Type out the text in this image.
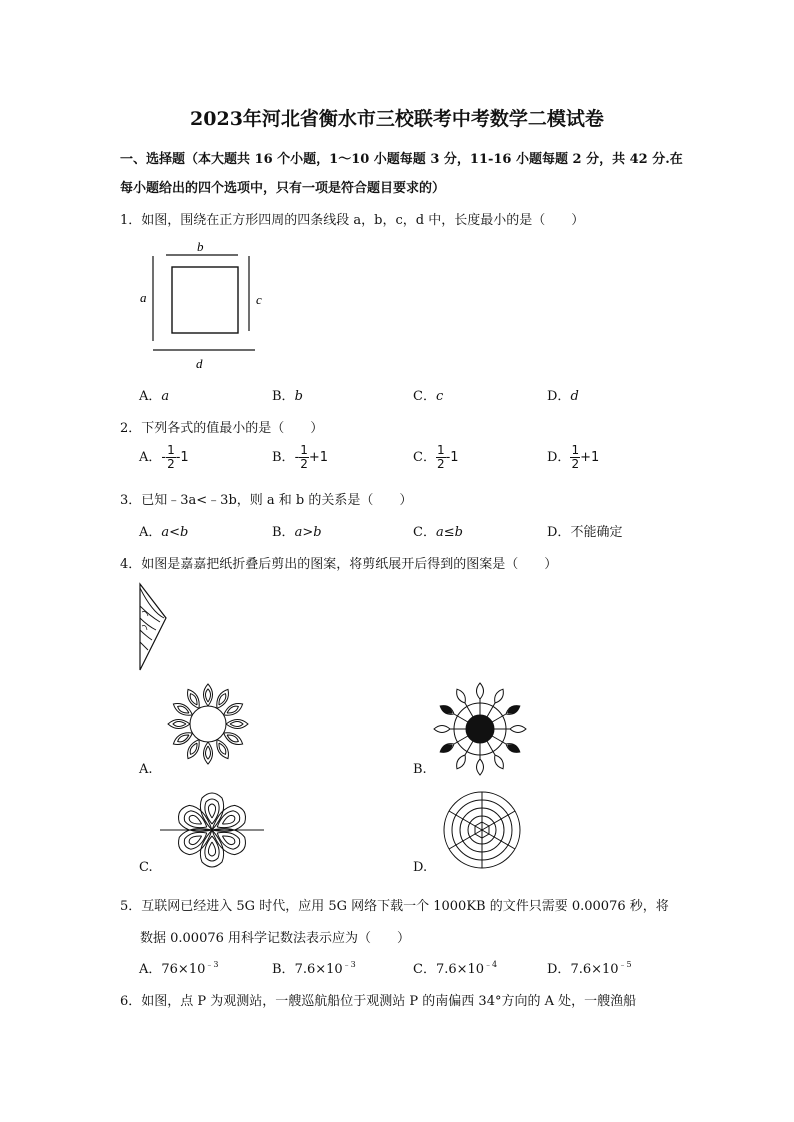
2023年河北省衡水市三校联考中考数学二模试卷
一、选择题（本大题共 16 个小题，1～10 小题每题 3 分，11-16 小题每题 2 分，共 42 分.在
每小题给出的四个选项中，只有一项是符合题目要求的）
1．如图，围绕在正方形四周的四条线段 a，b，c，d 中，长度最小的是（　　）
b
a	c
d
A．a	B．b	C．c	D．d
2．下列各式的值最小的是（　　）
A．- $\frac{1}{2} -1$	B．- $\frac{1}{2} +1$	C． $\frac{1}{2} -1$	D． $\frac{1}{2} +1$
3．已知﹣3a<﹣3b，则 a 和 b 的关系是（　　）
A．a<b	B．a>b	C．a≤b	D．不能确定
4．如图是嘉嘉把纸折叠后剪出的图案，将剪纸展开后得到的图案是（　　）
A.	B.
C.	D.
5．互联网已经进入 5G 时代，应用 5G 网络下载一个 1000KB 的文件只需要 0.00076 秒，将
数据 0.00076 用科学记数法表示应为（　　）
A．$76\times 10^{﹣3}$	B．$7.6\times 10^{﹣3}$	C．$7.6\times 10^{﹣4}$	D．$7.6\times 10^{﹣5}$
6．如图，点 P 为观测站，一艘巡航船位于观测站 P 的南偏西 34°方向的 A 处，一艘渔船
